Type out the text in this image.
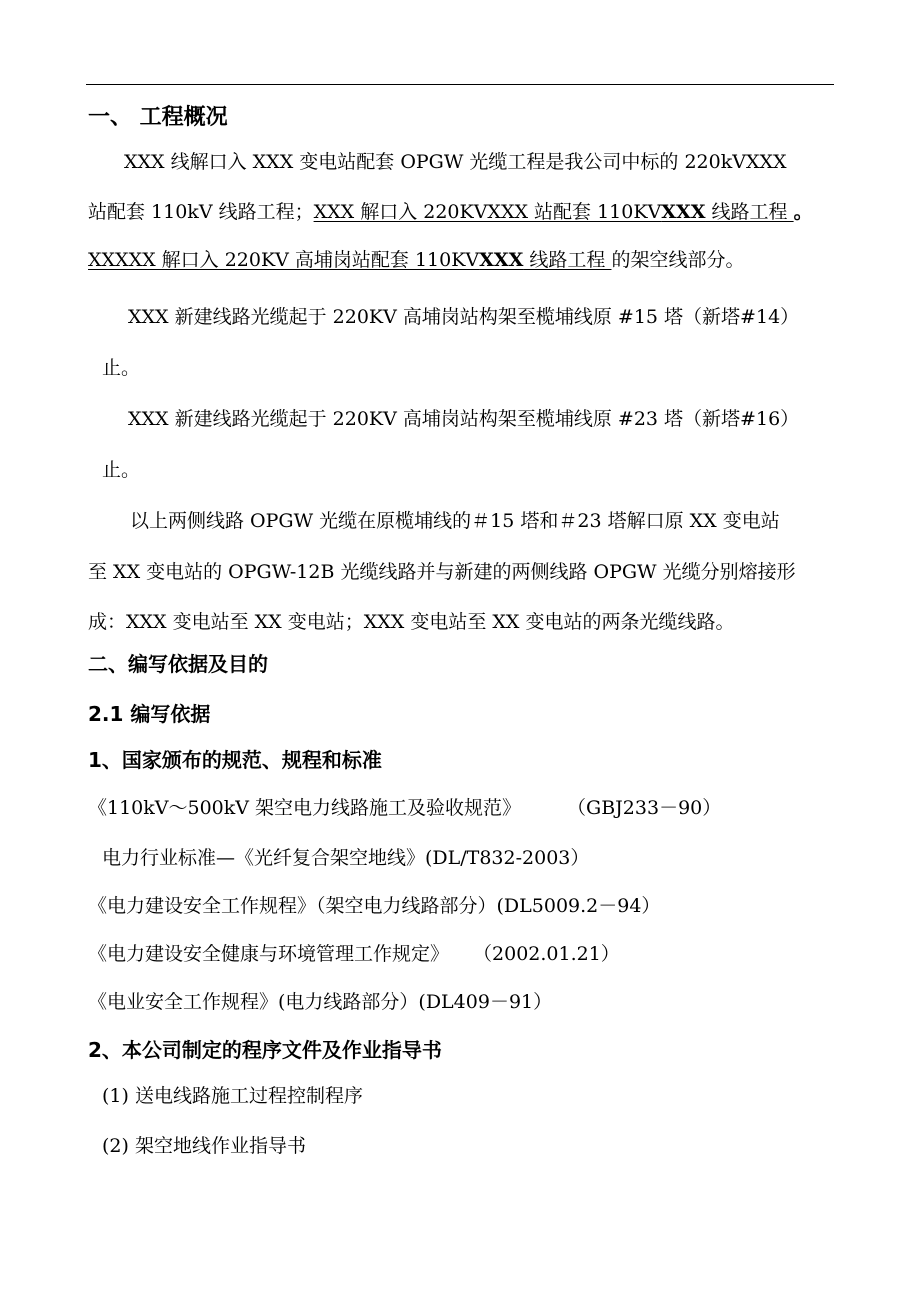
一、 工程概况
XXX 线解口入 XXX 变电站配套 OPGW 光缆工程是我公司中标的 220kVXXX
站配套 110kV 线路工程；XXX 解口入 220KVXXX 站配套 110KVXXX 线路工程 。
XXXXX 解口入 220KV 高埔岗站配套 110KVXXX 线路工程 的架空线部分。
XXX 新建线路光缆起于 220KV 高埔岗站构架至榄埔线原 #15 塔（新塔#14）
止。
XXX 新建线路光缆起于 220KV 高埔岗站构架至榄埔线原 #23 塔（新塔#16）
止。
以上两侧线路 OPGW 光缆在原榄埔线的＃15 塔和＃23 塔解口原 XX 变电站
至 XX 变电站的 OPGW-12B 光缆线路并与新建的两侧线路 OPGW 光缆分别熔接形
成：XXX 变电站至 XX 变电站；XXX 变电站至 XX 变电站的两条光缆线路。
二、编写依据及目的
2.1 编写依据
1、国家颁布的规范、规程和标准
《110kV～500kV 架空电力线路施工及验收规范》 （GBJ233－90）
电力行业标准—《光纤复合架空地线》(DL/T832-2003）
《电力建设安全工作规程》（架空电力线路部分）(DL5009.2－94）
《电力建设安全健康与环境管理工作规定》 （2002.01.21）
《电业安全工作规程》(电力线路部分）(DL409－91）
2、本公司制定的程序文件及作业指导书
(1) 送电线路施工过程控制程序
(2) 架空地线作业指导书
